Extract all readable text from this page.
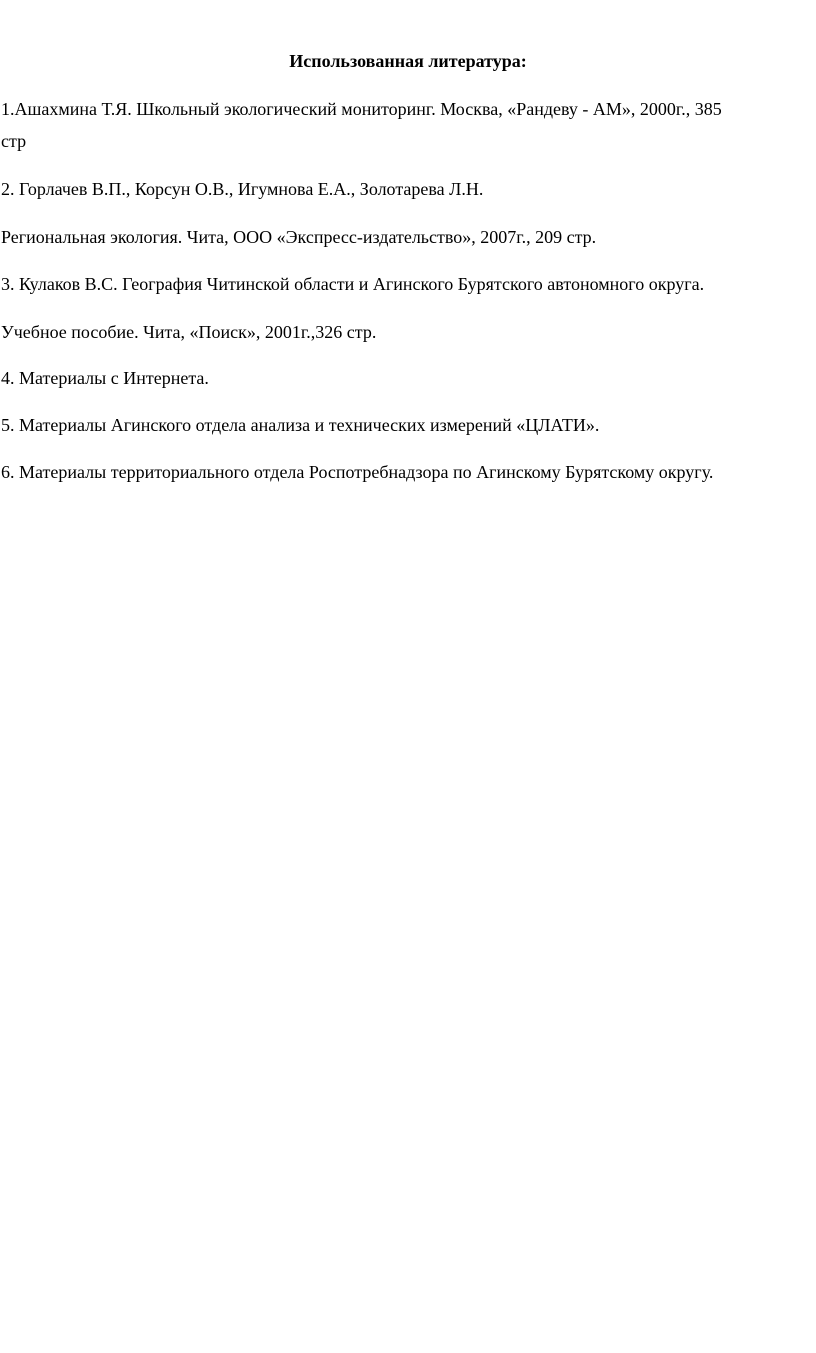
Использованная литература:
1.Ашахмина Т.Я. Школьный экологический мониторинг. Москва, «Рандеву - АМ», 2000г., 385
стр
2. Горлачев В.П., Корсун О.В., Игумнова Е.А., Золотарева Л.Н.
Региональная экология. Чита, ООО «Экспресс-издательство», 2007г., 209 стр.
3. Кулаков В.С. География Читинской области и Агинского Бурятского автономного округа.
Учебное пособие. Чита, «Поиск», 2001г.,326 стр.
4. Материалы с Интернета.
5. Материалы Агинского отдела анализа и технических измерений «ЦЛАТИ».
6. Материалы территориального отдела Роспотребнадзора по Агинскому Бурятскому округу.
